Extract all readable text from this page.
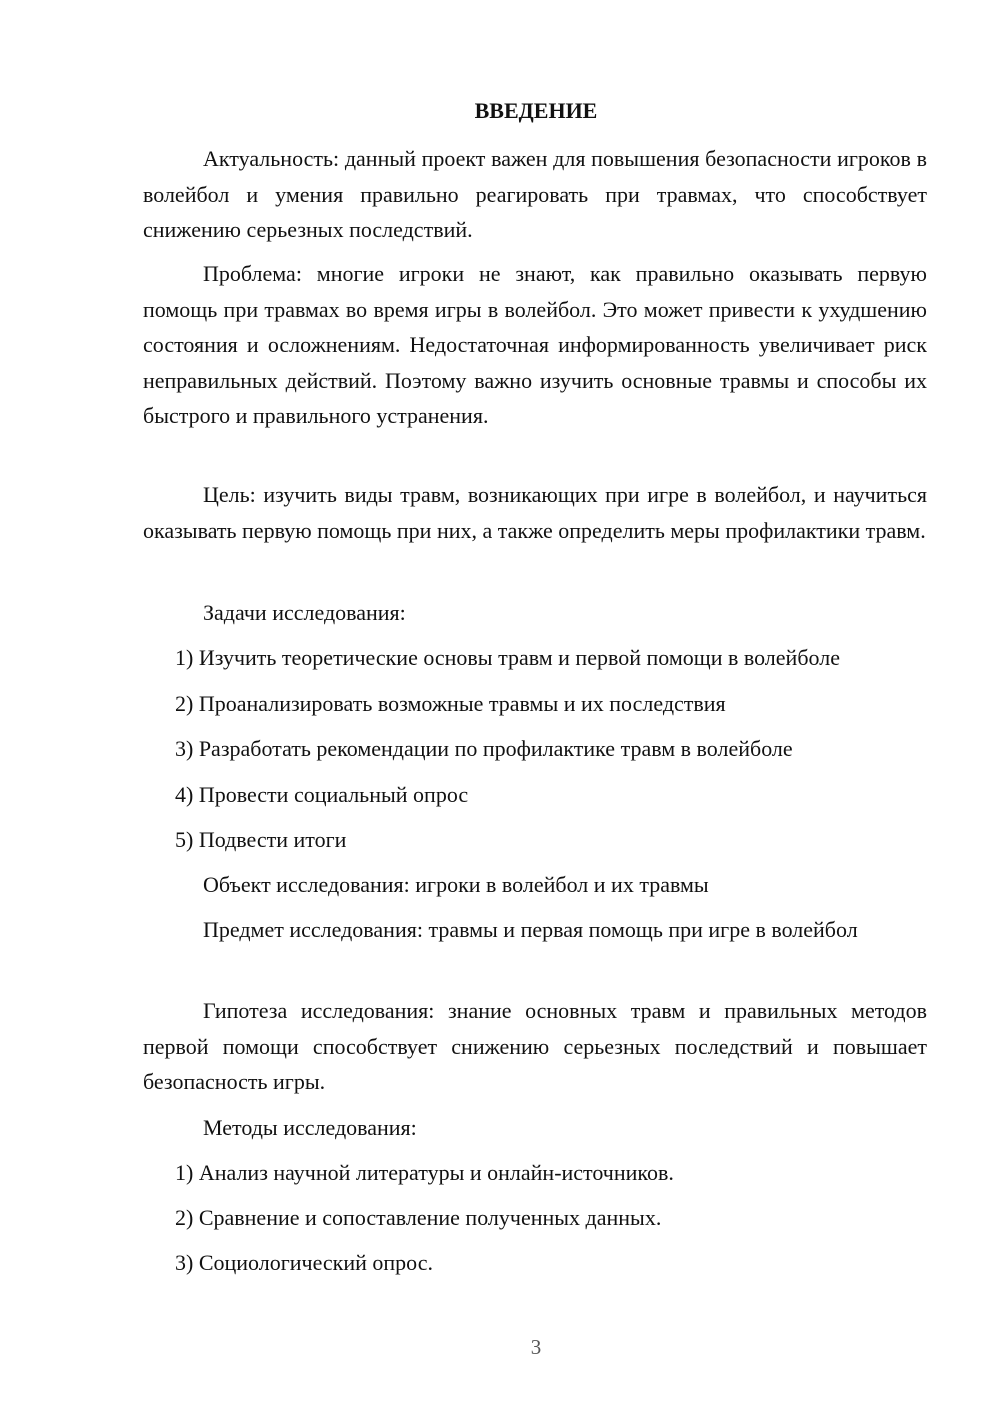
ВВЕДЕНИЕ

Актуальность: данный проект важен для повышения безопасности игроков в волейбол и умения правильно реагировать при травмах, что способствует снижению серьезных последствий.

Проблема: многие игроки не знают, как правильно оказывать первую помощь при травмах во время игры в волейбол. Это может привести к ухудшению состояния и осложнениям. Недостаточная информированность увеличивает риск неправильных действий. Поэтому важно изучить основные травмы и способы их быстрого и правильного устранения.

Цель: изучить виды травм, возникающих при игре в волейбол, и научиться оказывать первую помощь при них, а также определить меры профилактики травм.

Задачи исследования:

1) Изучить теоретические основы травм и первой помощи в волейболе

2) Проанализировать возможные травмы и их последствия

3) Разработать рекомендации по профилактике травм в волейболе

4) Провести социальный опрос

5) Подвести итоги

Объект исследования: игроки в волейбол и их травмы

Предмет исследования: травмы и первая помощь при игре в волейбол

Гипотеза исследования: знание основных травм и правильных методов первой помощи способствует снижению серьезных последствий и повышает безопасность игры.

Методы исследования:

1) Анализ научной литературы и онлайн-источников.

2) Сравнение и сопоставление полученных данных.

3) Социологический опрос.

3
